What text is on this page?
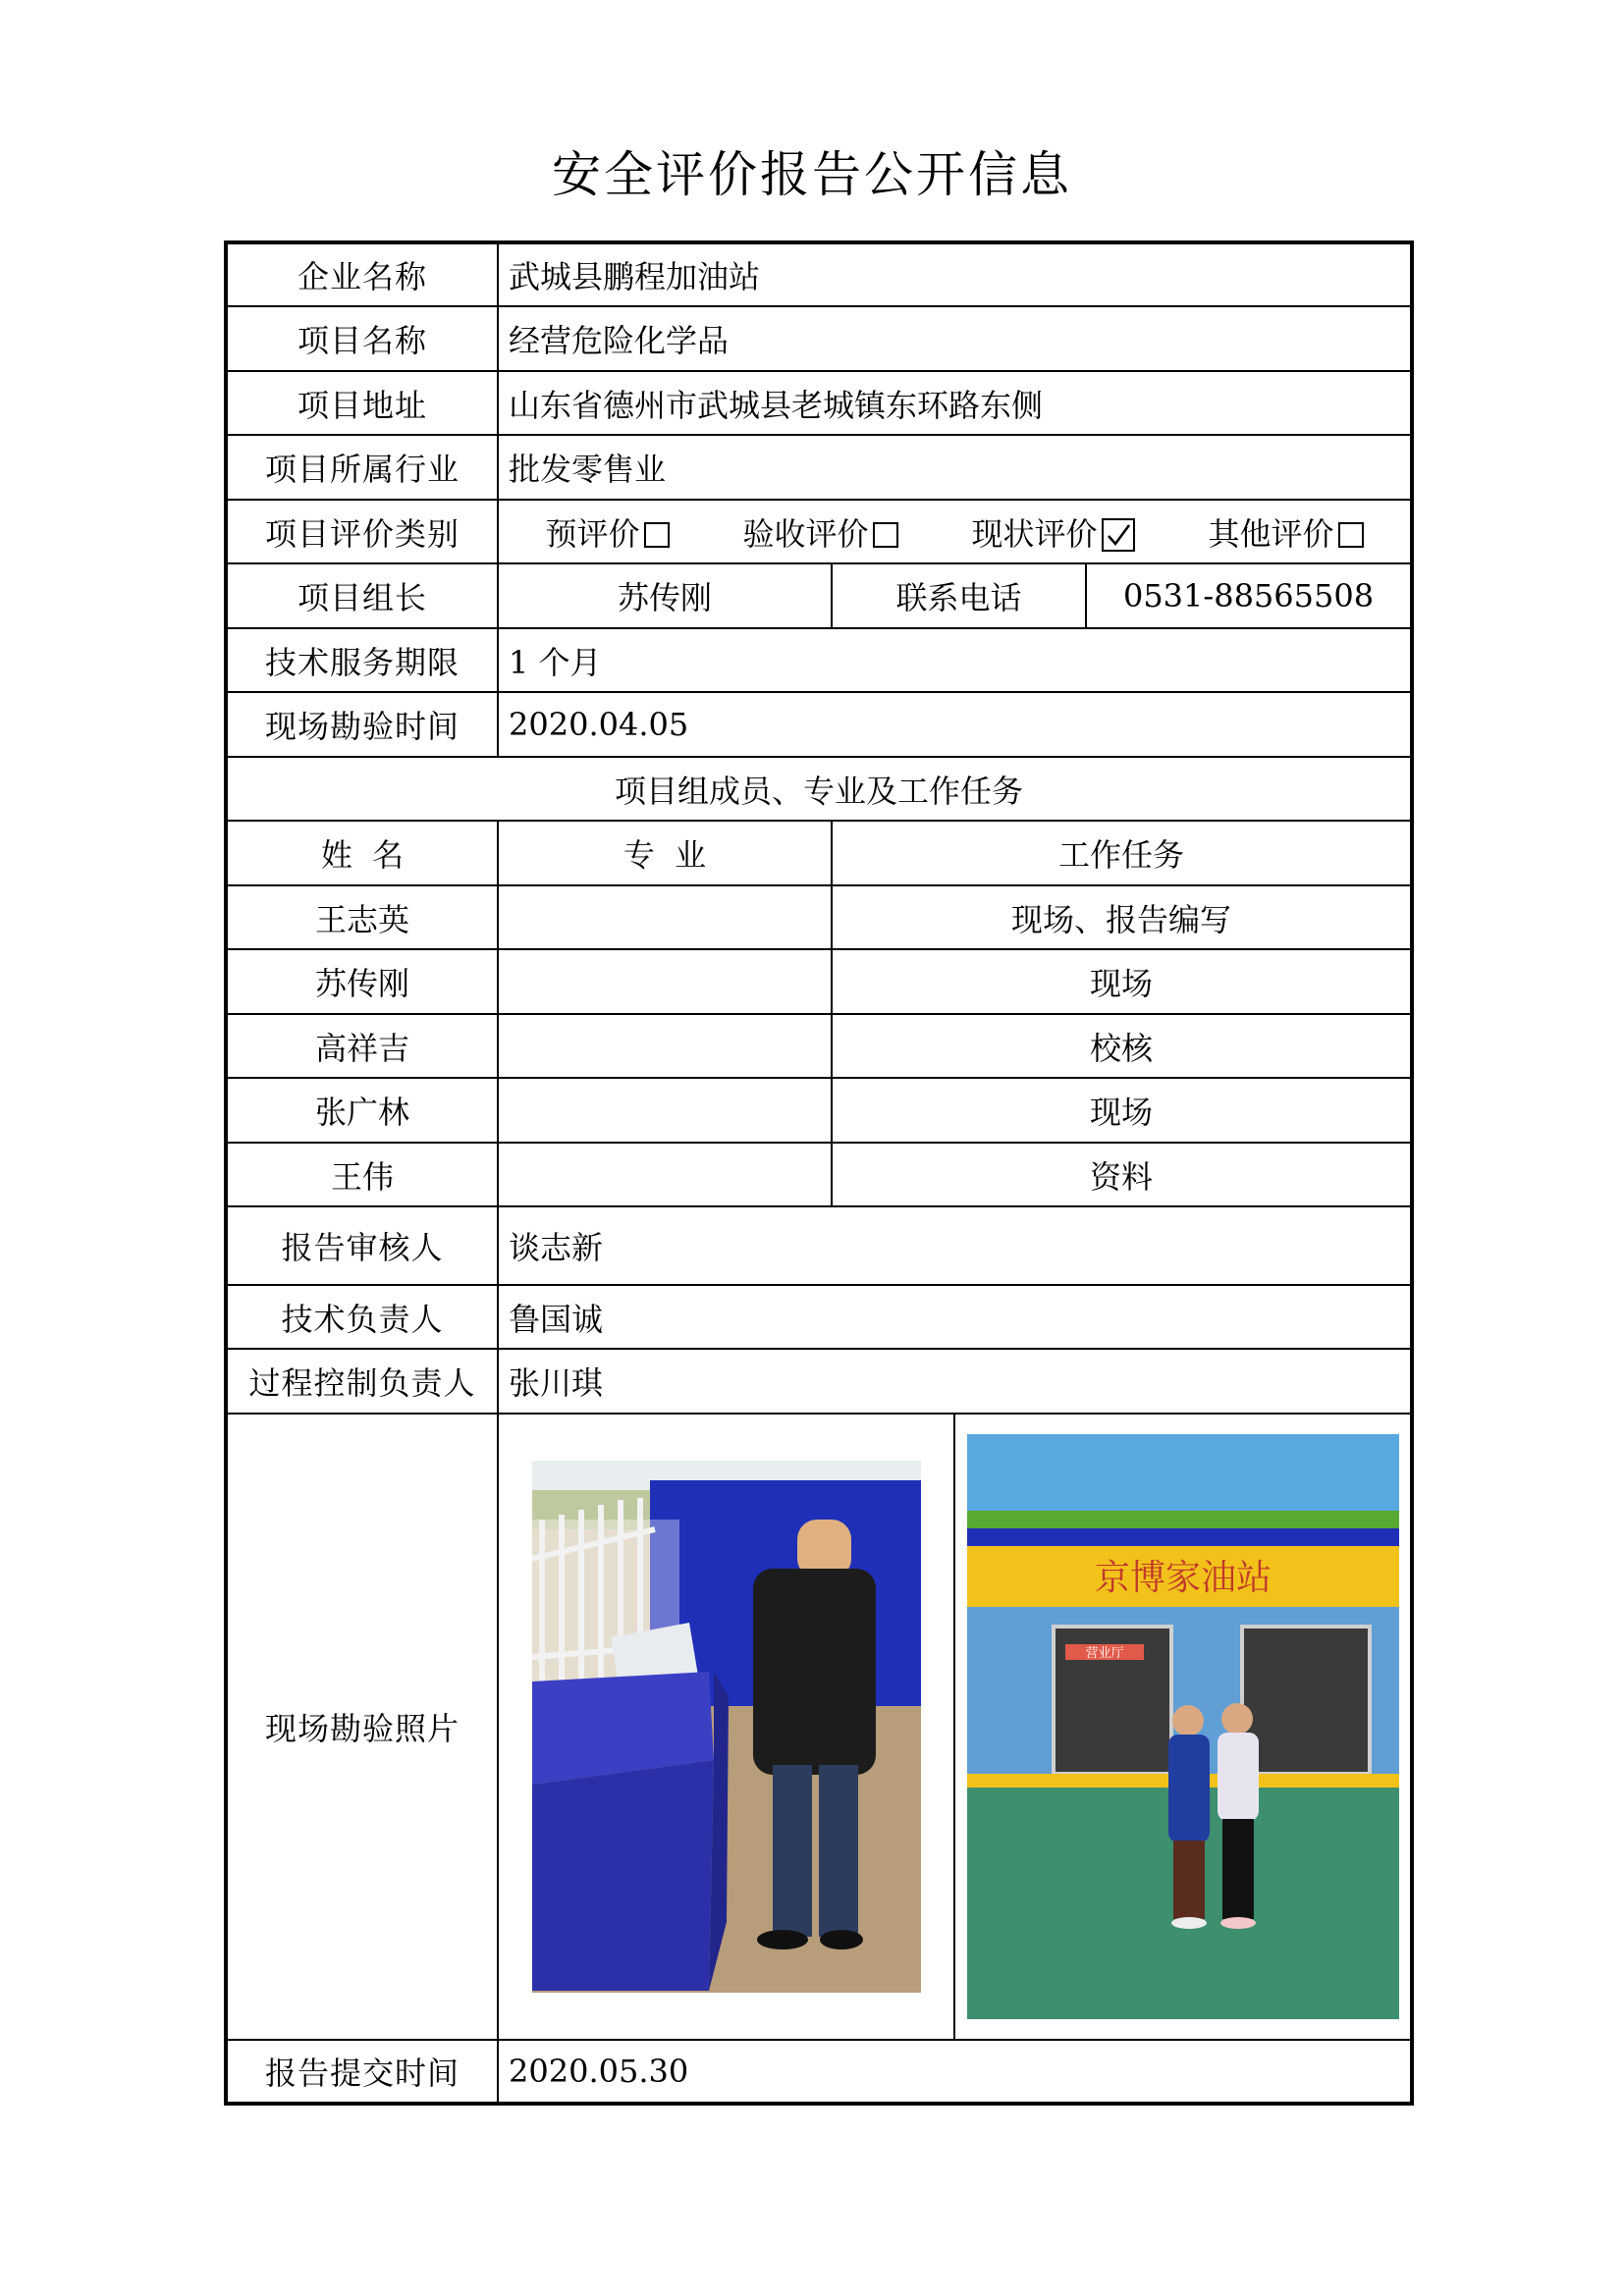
安全评价报告公开信息
企业名称	武城县鹏程加油站		
项目名称	经营危险化学品		
项目地址	山东省德州市武城县老城镇东环路东侧		
项目所属行业	批发零售业		
项目评价类别	预评价 验收评价 现状评价 其他评价		

项目组长	苏传刚	联系电话	0531-88565508
技术服务期限	1 个月		
现场勘验时间	2020.04.05		
项目组成员、专业及工作任务			
姓  名	专  业	工作任务	
王志英		现场、报告编写	
苏传刚		现场	
高祥吉		校核	
张广林		现场	
王伟		资料	
报告审核人	谈志新		
技术负责人	鲁国诚		
过程控制负责人	张川琪		
现场勘验照片	京博家油站
营业厅		

报告提交时间	2020.05.30		
